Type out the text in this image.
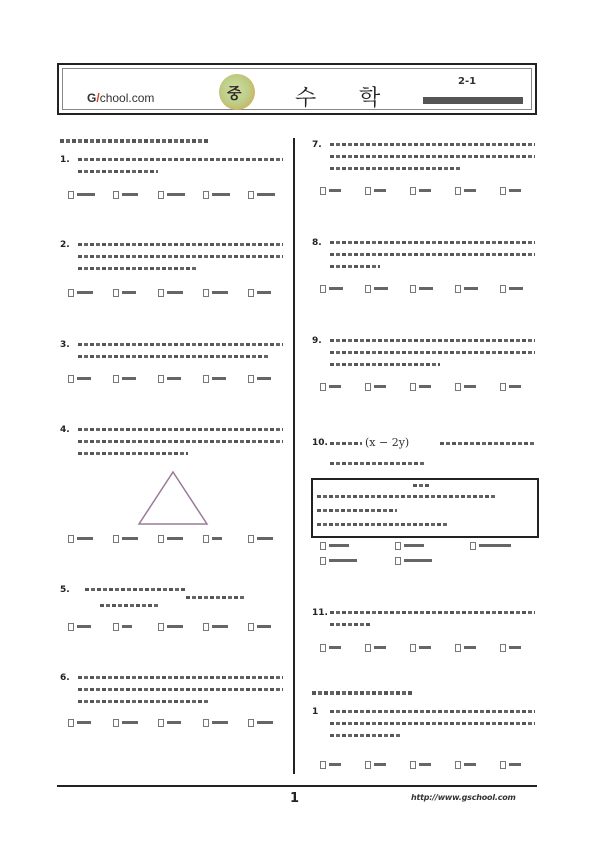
G/chool.com	중 수 학
2-1
1.
2.
3.
4.
5.
6.
7.
8.
9.
10.	(x − 2y)
11.
1
1	http://www.gschool.com
